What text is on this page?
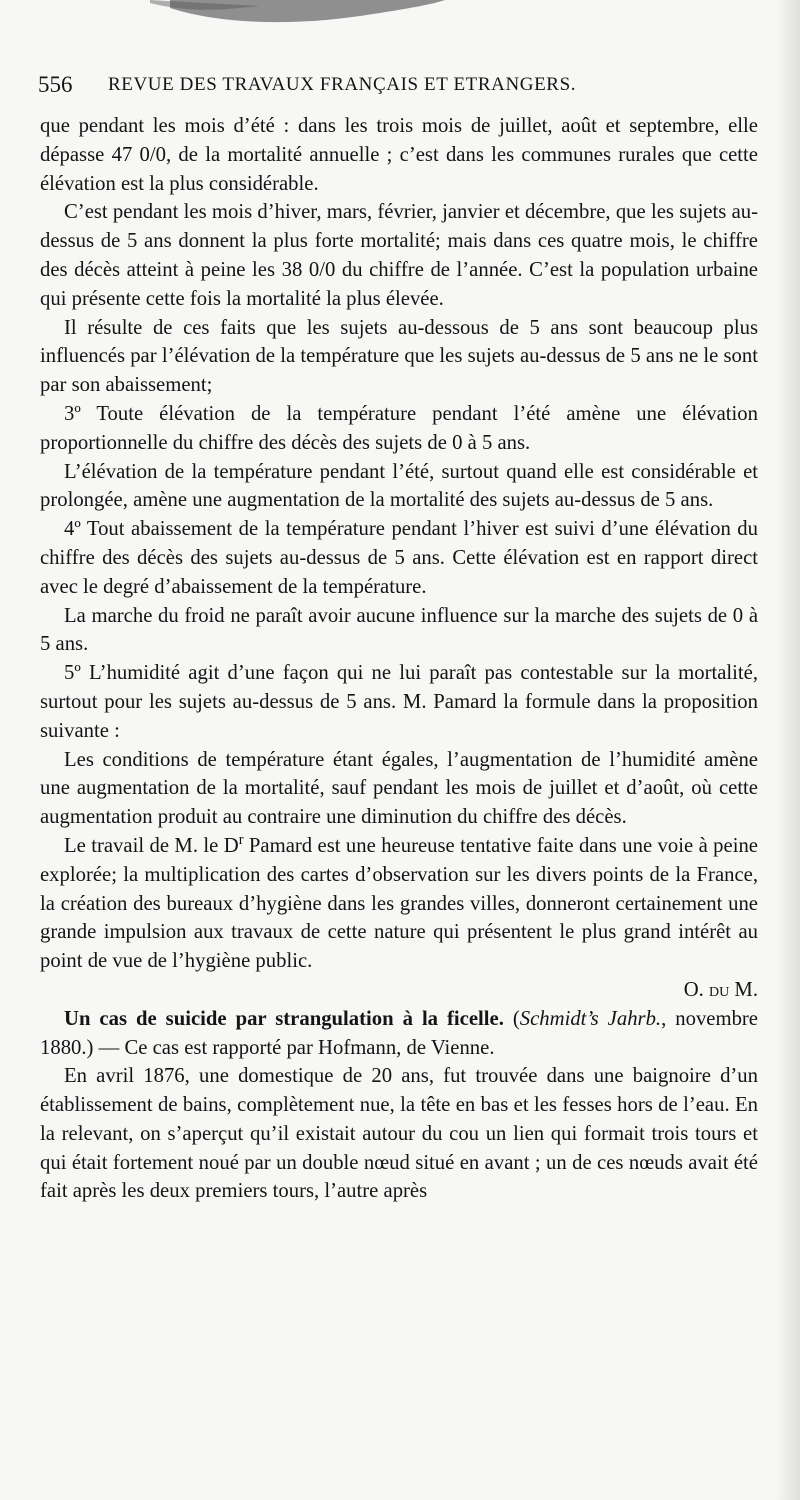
556 REVUE DES TRAVAUX FRANÇAIS ET ETRANGERS.

que pendant les mois d’été : dans les trois mois de juillet, août et septembre, elle dépasse 47 0/0, de la mortalité annuelle ; c’est dans les communes rurales que cette élévation est la plus considérable.

C’est pendant les mois d’hiver, mars, février, janvier et décembre, que les sujets au-dessus de 5 ans donnent la plus forte mortalité; mais dans ces quatre mois, le chiffre des décès atteint à peine les 38 0/0 du chiffre de l’année. C’est la population urbaine qui présente cette fois la mortalité la plus élevée.

Il résulte de ces faits que les sujets au-dessous de 5 ans sont beaucoup plus influencés par l’élévation de la température que les sujets au-dessus de 5 ans ne le sont par son abaissement;

3º Toute élévation de la température pendant l’été amène une élévation proportionnelle du chiffre des décès des sujets de 0 à 5 ans.

L’élévation de la température pendant l’été, surtout quand elle est considérable et prolongée, amène une augmentation de la mortalité des sujets au-dessus de 5 ans.

4º Tout abaissement de la température pendant l’hiver est suivi d’une élévation du chiffre des décès des sujets au-dessus de 5 ans. Cette élévation est en rapport direct avec le degré d’abaissement de la température.

La marche du froid ne paraît avoir aucune influence sur la marche des sujets de 0 à 5 ans.

5º L’humidité agit d’une façon qui ne lui paraît pas contestable sur la mortalité, surtout pour les sujets au-dessus de 5 ans. M. Pamard la formule dans la proposition suivante :

Les conditions de température étant égales, l’augmentation de l’humidité amène une augmentation de la mortalité, sauf pendant les mois de juillet et d’août, où cette augmentation produit au contraire une diminution du chiffre des décès.

Le travail de M. le $D^r$ Pamard est une heureuse tentative faite dans une voie à peine explorée; la multiplication des cartes d’observation sur les divers points de la France, la création des bureaux d’hygiène dans les grandes villes, donneront certainement une grande impulsion aux travaux de cette nature qui présentent le plus grand intérêt au point de vue de l’hygiène public.

O. du M.

Un cas de suicide par strangulation à la ficelle. (Schmidt’s Jahrb., novembre 1880.) — Ce cas est rapporté par Hofmann, de Vienne.

En avril 1876, une domestique de 20 ans, fut trouvée dans une baignoire d’un établissement de bains, complètement nue, la tête en bas et les fesses hors de l’eau. En la relevant, on s’aperçut qu’il existait autour du cou un lien qui formait trois tours et qui était fortement noué par un double nœud situé en avant ; un de ces nœuds avait été fait après les deux premiers tours, l’autre après
